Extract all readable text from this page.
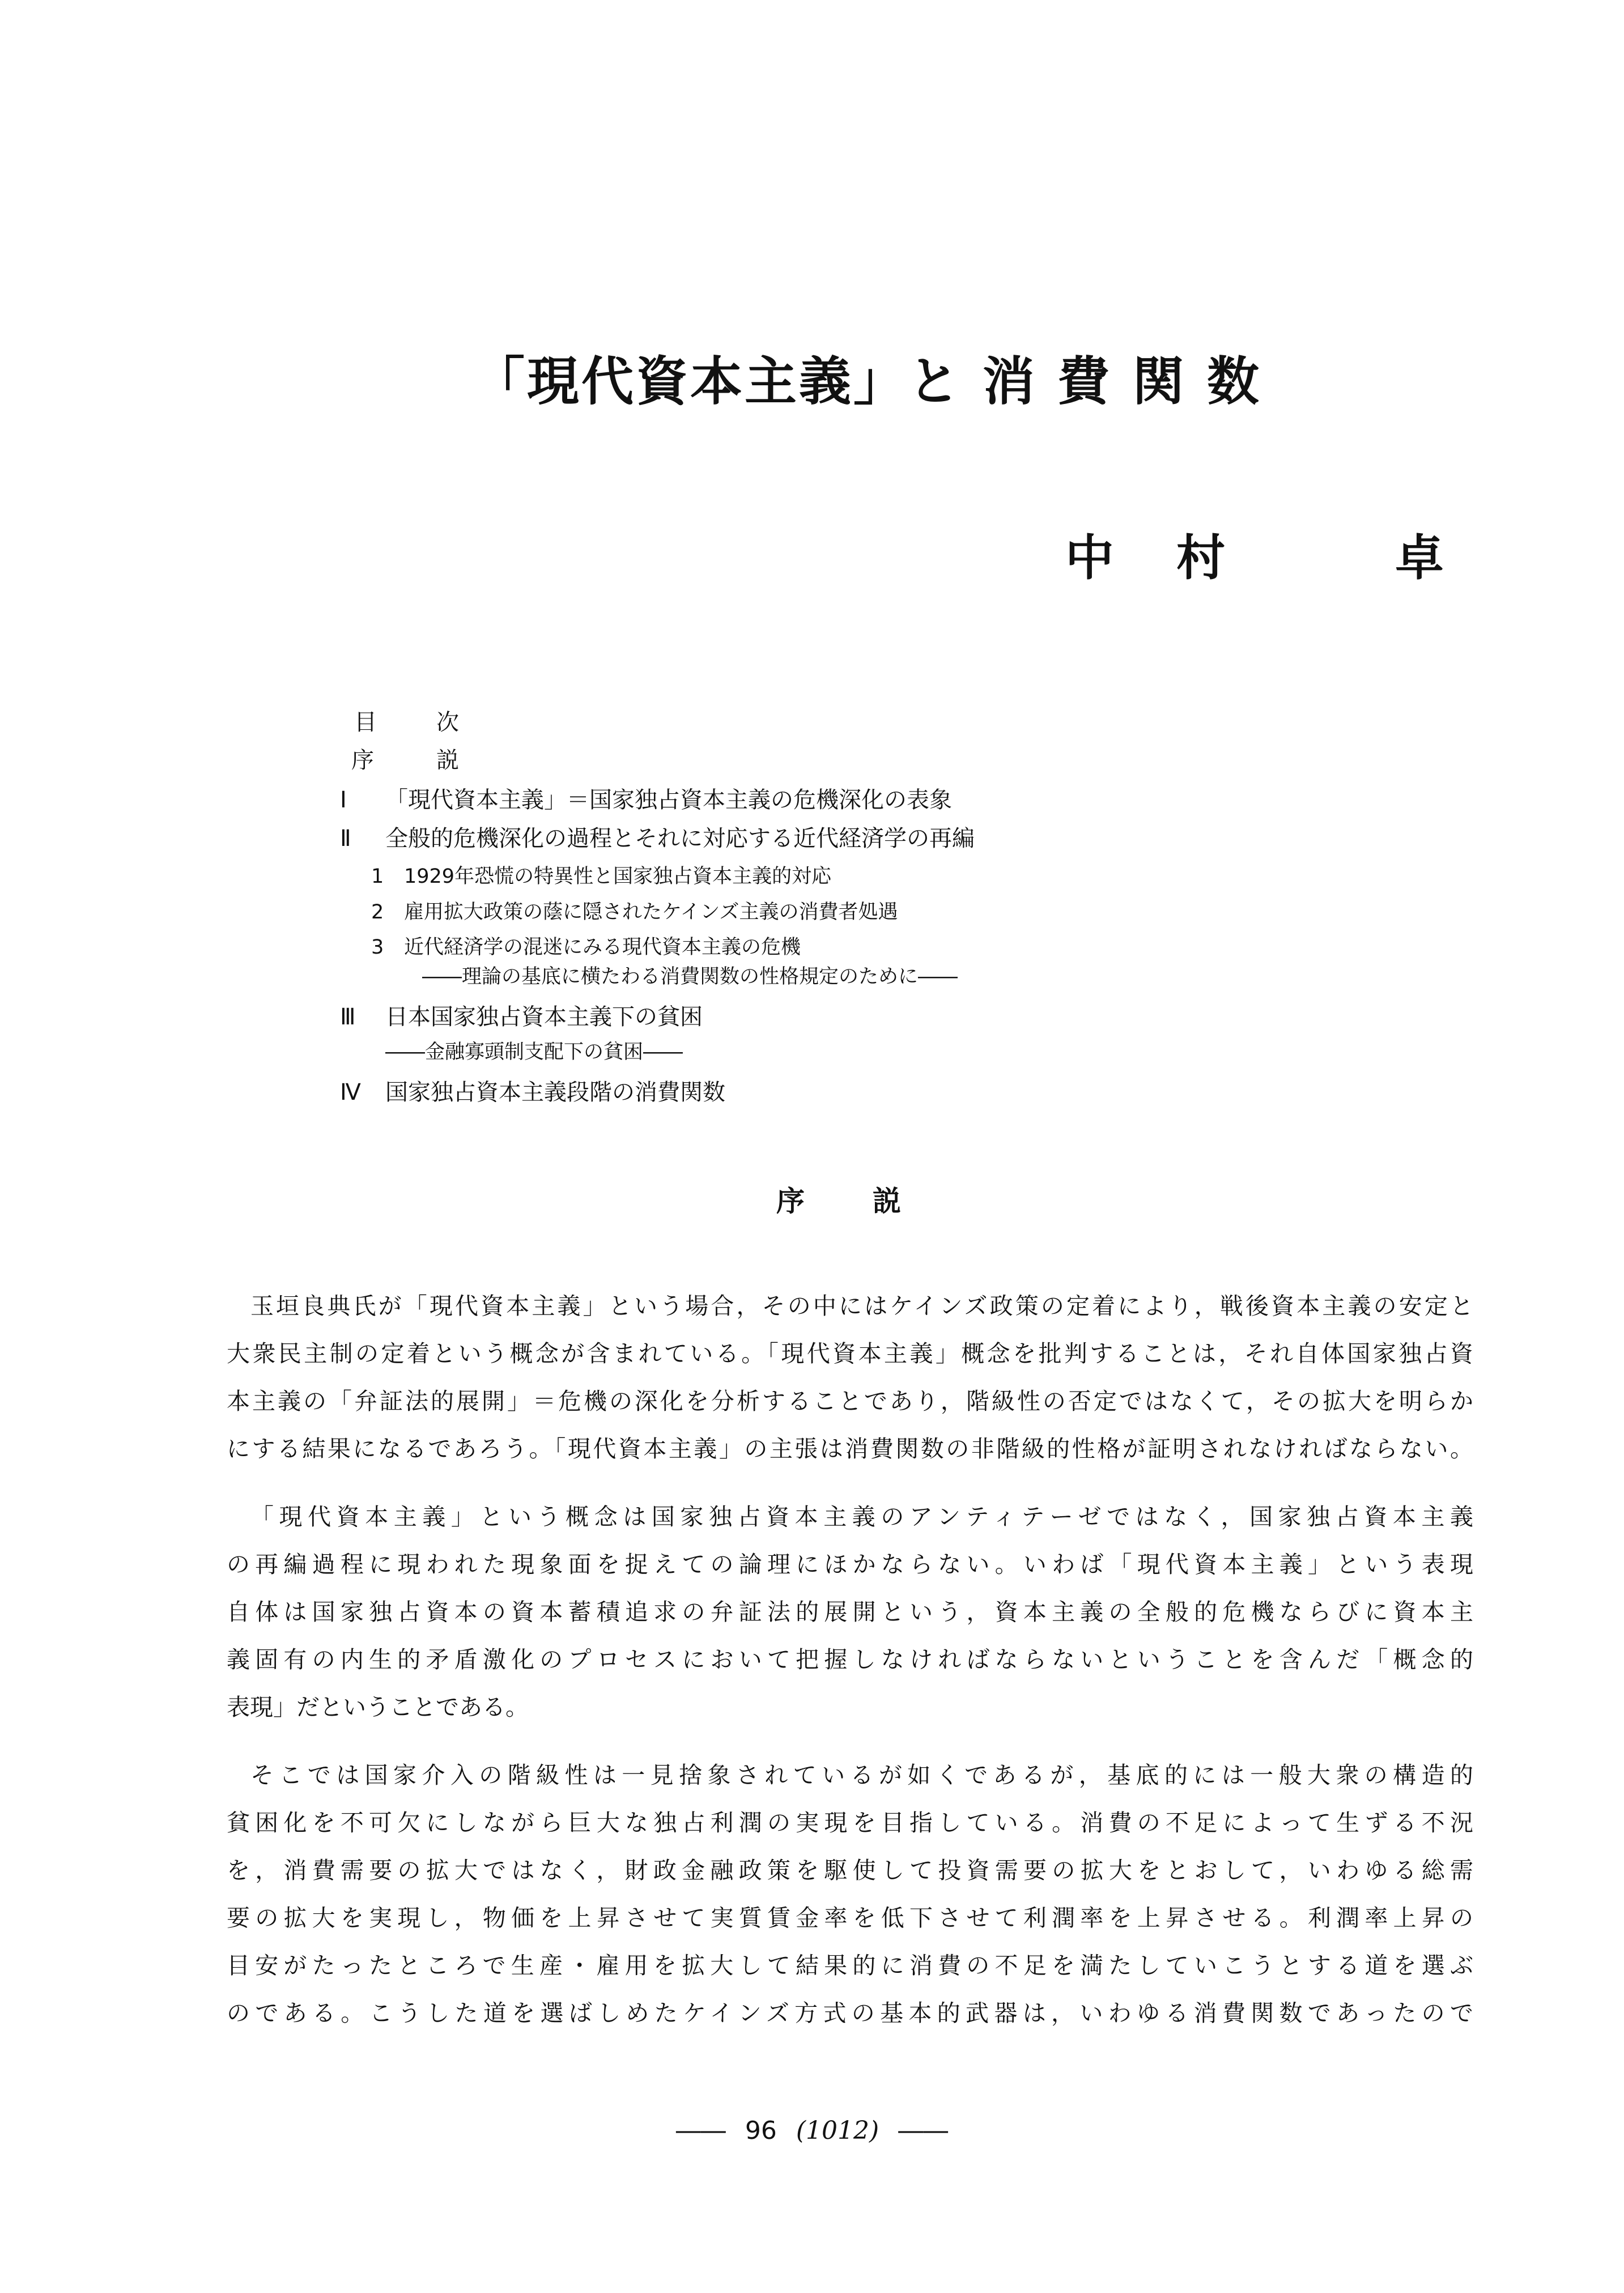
「現代資本主義」と 消 費 関 数
中 村	卓
目	次
序	説
Ⅰ 「現代資本主義」＝国家独占資本主義の危機深化の表象
Ⅱ 全般的危機深化の過程とそれに対応する近代経済学の再編
1 1929年恐慌の特異性と国家独占資本主義的対応
2 雇用拡大政策の蔭に隠されたケインズ主義の消費者処遇
3 近代経済学の混迷にみる現代資本主義の危機
――理論の基底に横たわる消費関数の性格規定のために――
Ⅲ 日本国家独占資本主義下の貧困
――金融寡頭制支配下の貧困――
Ⅳ 国家独占資本主義段階の消費関数
序 説
玉垣良典氏が「現代資本主義」という場合，その中にはケインズ政策の定着により，戦後資本主義の安定と
大衆民主制の定着という概念が含まれている。「現代資本主義」概念を批判することは，それ自体国家独占資
本主義の「弁証法的展開」＝危機の深化を分析することであり，階級性の否定ではなくて，その拡大を明らか
にする結果になるであろう。「現代資本主義」の主張は消費関数の非階級的性格が証明されなければならない。
「現代資本主義」という概念は国家独占資本主義のアンティテーゼではなく，国家独占資本主義
の再編過程に現われた現象面を捉えての論理にほかならない。いわば「現代資本主義」という表現
自体は国家独占資本の資本蓄積追求の弁証法的展開という，資本主義の全般的危機ならびに資本主
義固有の内生的矛盾激化のプロセスにおいて把握しなければならないということを含んだ「概念的
表現」だということである。
そこでは国家介入の階級性は一見捨象されているが如くであるが，基底的には一般大衆の構造的
貧困化を不可欠にしながら巨大な独占利潤の実現を目指している。消費の不足によって生ずる不況
を，消費需要の拡大ではなく，財政金融政策を駆使して投資需要の拡大をとおして，いわゆる総需
要の拡大を実現し，物価を上昇させて実質賃金率を低下させて利潤率を上昇させる。利潤率上昇の
目安がたったところで生産・雇用を拡大して結果的に消費の不足を満たしていこうとする道を選ぶ
のである。こうした道を選ばしめたケインズ方式の基本的武器は，いわゆる消費関数であったので
―― 96 (1012) ――
